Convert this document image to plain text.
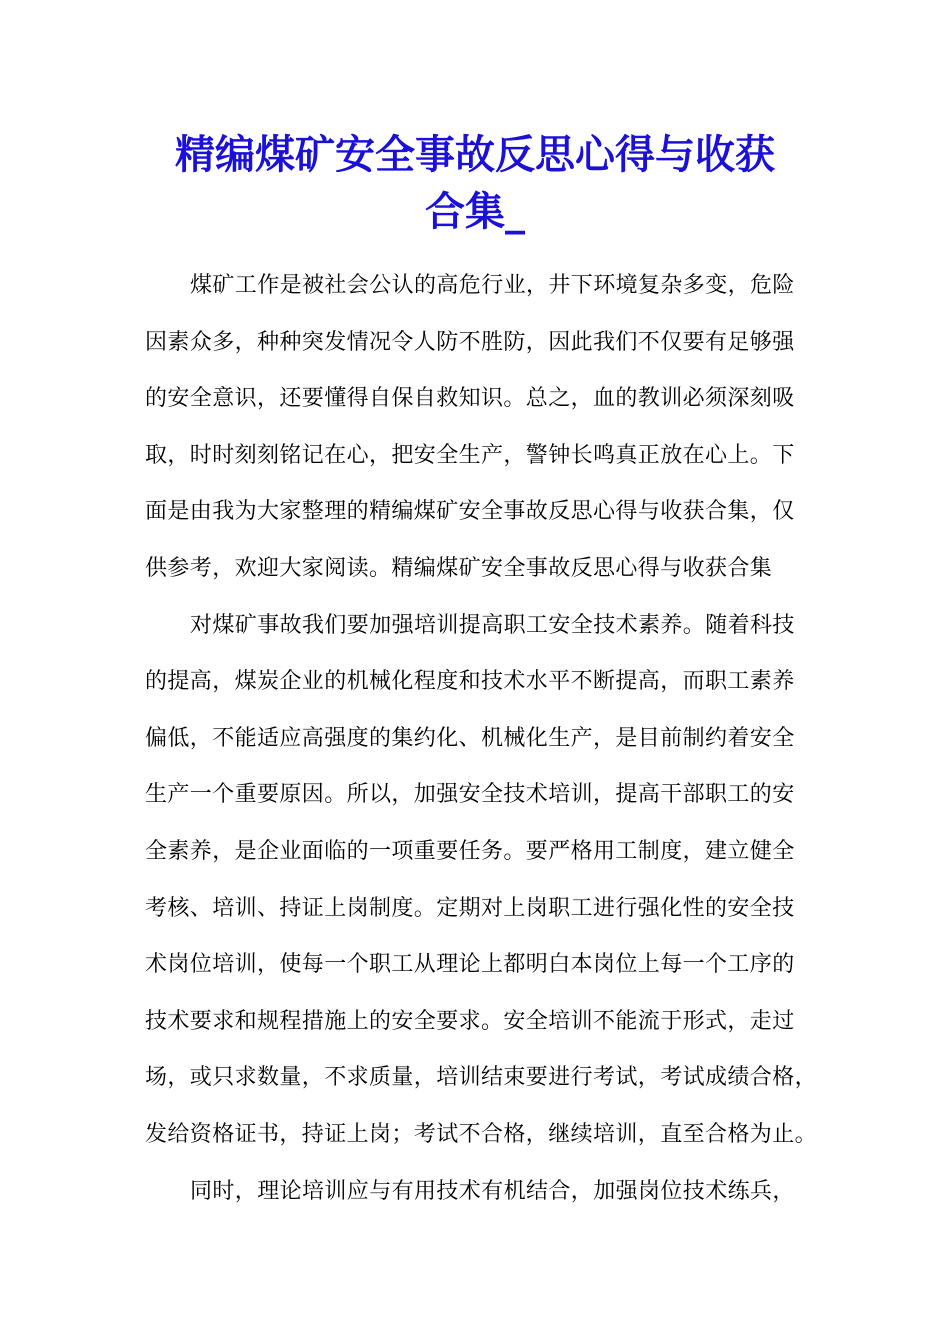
精编煤矿安全事故反思心得与收获
合集_
煤矿工作是被社会公认的高危行业，井下环境复杂多变，危险
因素众多，种种突发情况令人防不胜防，因此我们不仅要有足够强
的安全意识，还要懂得自保自救知识。总之，血的教训必须深刻吸
取，时时刻刻铭记在心，把安全生产，警钟长鸣真正放在心上。下
面是由我为大家整理的精编煤矿安全事故反思心得与收获合集，仅
供参考，欢迎大家阅读。精编煤矿安全事故反思心得与收获合集
对煤矿事故我们要加强培训提高职工安全技术素养。随着科技
的提高，煤炭企业的机械化程度和技术水平不断提高，而职工素养
偏低，不能适应高强度的集约化、机械化生产，是目前制约着安全
生产一个重要原因。所以，加强安全技术培训，提高干部职工的安
全素养，是企业面临的一项重要任务。要严格用工制度，建立健全
考核、培训、持证上岗制度。定期对上岗职工进行强化性的安全技
术岗位培训，使每一个职工从理论上都明白本岗位上每一个工序的
技术要求和规程措施上的安全要求。安全培训不能流于形式，走过
场，或只求数量，不求质量，培训结束要进行考试，考试成绩合格，
发给资格证书，持证上岗；考试不合格，继续培训，直至合格为止。
同时，理论培训应与有用技术有机结合，加强岗位技术练兵，
